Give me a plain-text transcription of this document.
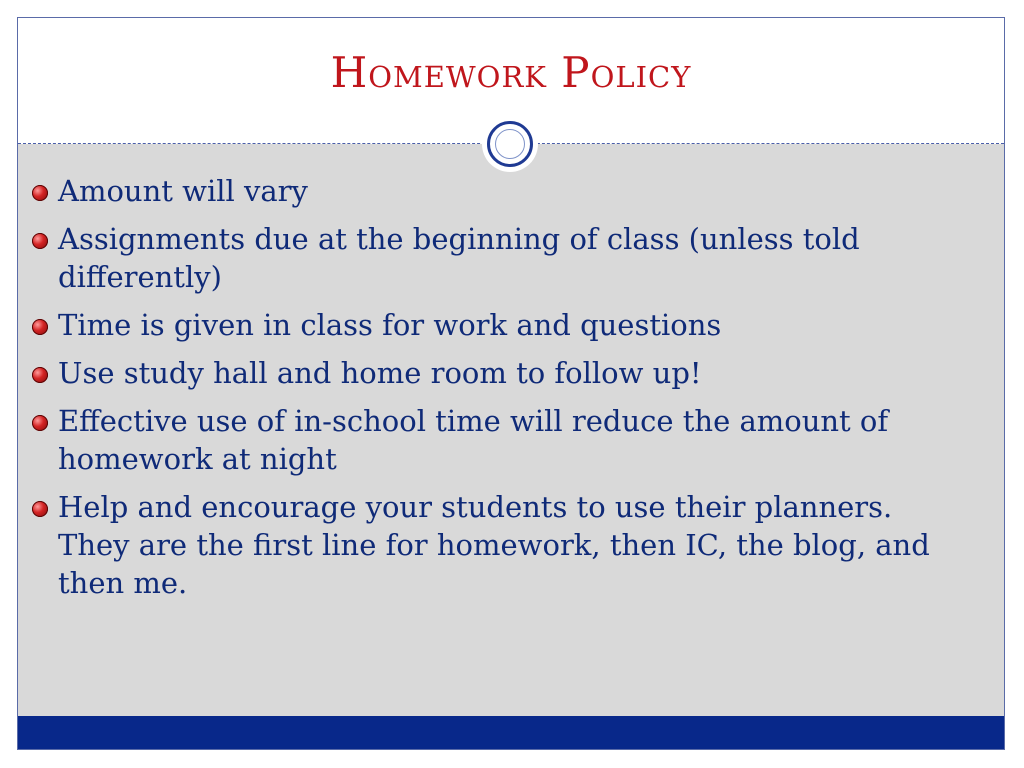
Homework Policy
Amount will vary
Assignments due at the beginning of class (unless told differently)
Time is given in class for work and questions
Use study hall and home room to follow up!
Effective use of in-school time will reduce the amount of homework at night
Help and encourage your students to use their planners. They are the first line for homework, then IC, the blog, and then me.
